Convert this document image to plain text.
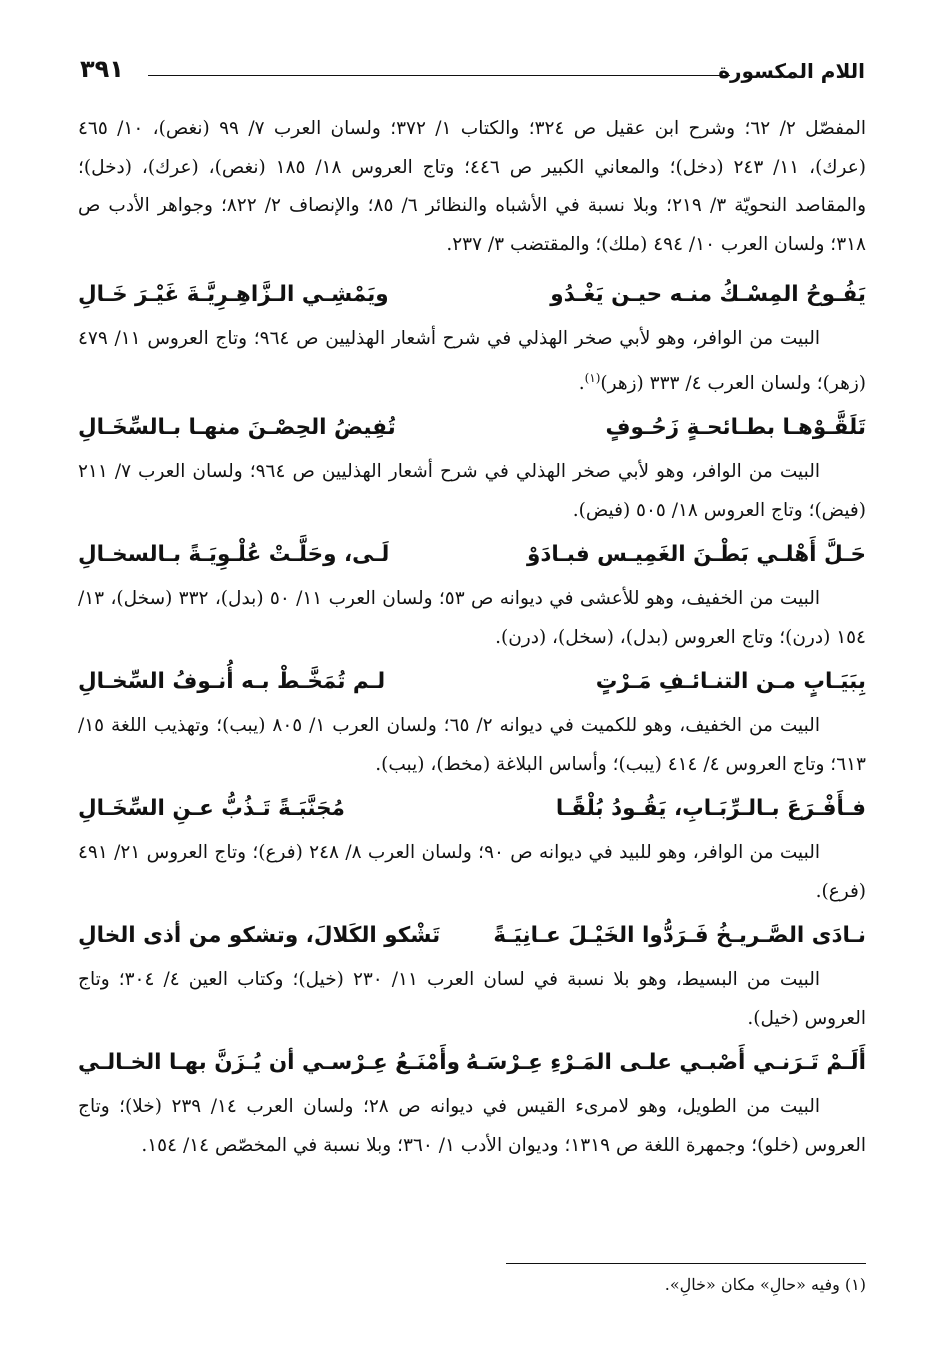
اللام المكسورة
٣٩١

المفصّل ٢/ ٦٢؛ وشرح ابن عقيل ص ٣٢٤؛ والكتاب ١/ ٣٧٢؛ ولسان العرب ٧/ ٩٩ (نغص)، ١٠/ ٤٦٥ (عرك)، ١١/ ٢٤٣ (دخل)؛ والمعاني الكبير ص ٤٤٦؛ وتاج العروس ١٨/ ١٨٥ (نغص)، (عرك)، (دخل)؛والمقاصد النحويّة ٣/ ٢١٩؛ وبلا نسبة في الأشباه والنظائر ٦/ ٨٥؛ والإنصاف ٢/ ٨٢٢؛ وجواهر الأدب ص ٣١٨؛ ولسان العرب ١٠/ ٤٩٤ (ملك)؛ والمقتضب ٣/ ٢٣٧.

يَفُـوحُ المِسْـكُ منـه حيـن يَغْـدُو
ويَمْشِـي الـزَّاهِـرِيَّـةَ غَيْـرَ خَـالِ

البيت من الوافر، وهو لأبي صخر الهذلي في شرح أشعار الهذليين ص ٩٦٤؛ وتاج العروس ١١/ ٤٧٩ (زهر)؛ ولسان العرب ٤/ ٣٣٣ (زهر)$^{(١)}$.

تَلَقَّـوْهـا بطـائحـةٍ زَحُـوفٍ
تُفِيضُ الحِصْـنَ منهـا بـالسِّخَـالِ

البيت من الوافر، وهو لأبي صخر الهذلي في شرح أشعار الهذليين ص ٩٦٤؛ ولسان العرب ٧/ ٢١١ (فيض)؛ وتاج العروس ١٨/ ٥٠٥ (فيض).

حَـلَّ أَهْلـي بَطْـنَ الغَمِيـس فبـادَوْ
لَـى، وحَلَّـتْ عُلْـوِيَـةً بـالسخـالِ

البيت من الخفيف، وهو للأعشى في ديوانه ص ٥٣؛ ولسان العرب ١١/ ٥٠ (بدل)، ٣٣٢ (سخل)، ١٣/ ١٥٤ (درن)؛ وتاج العروس (بدل)، (سخل)، (درن).

بِبَيَـابٍ مـن التنـائـفِ مَـرْتٍ
لـم تُمَخَّـطْ بـه أُنـوفُ السِّخـالِ

البيت من الخفيف، وهو للكميت في ديوانه ٢/ ٦٥؛ ولسان العرب ١/ ٨٠٥ (يبب)؛ وتهذيب اللغة ١٥/ ٦١٣؛ وتاج العروس ٤/ ٤١٤ (يبب)؛ وأساس البلاغة (مخط)، (يبب).

فـأَفْـرَعَ بـالـرِّبَـابِ، يَقُـودُ بُلْقًـا
مُجَنَّبَـةً تَـذُبُّ عـنِ السِّخَـالِ

البيت من الوافر، وهو للبيد في ديوانه ص ٩٠؛ ولسان العرب ٨/ ٢٤٨ (فرع)؛ وتاج العروس ٢١/ ٤٩١ (فرع).

نـادَى الصَّـريـخُ فَـرَدُّوا الخَيْـلَ عـانِيَـةً
تَشْكو الكَلالَ، وتشكو من أذى الخالِ

البيت من البسيط، وهو بلا نسبة في لسان العرب ١١/ ٢٣٠ (خيل)؛ وكتاب العين ٤/ ٣٠٤؛ وتاج العروس (خيل).

أَلَـمْ تَـرَنـي أَصْبـي علـى المَـرْءِ عِـرْسَـهُ
وأَمْنَـعُ عِـرْسـي أن يُـزَنَّ بهـا الخـالـي

البيت من الطويل، وهو لامرىء القيس في ديوانه ص ٢٨؛ ولسان العرب ١٤/ ٢٣٩ (خلا)؛ وتاج العروس (خلو)؛ وجمهرة اللغة ص ١٣١٩؛ وديوان الأدب ١/ ٣٦٠؛ وبلا نسبة في المخصّص ١٤/ ١٥٤.

(١) وفيه «حالِ» مكان «خالِ».
